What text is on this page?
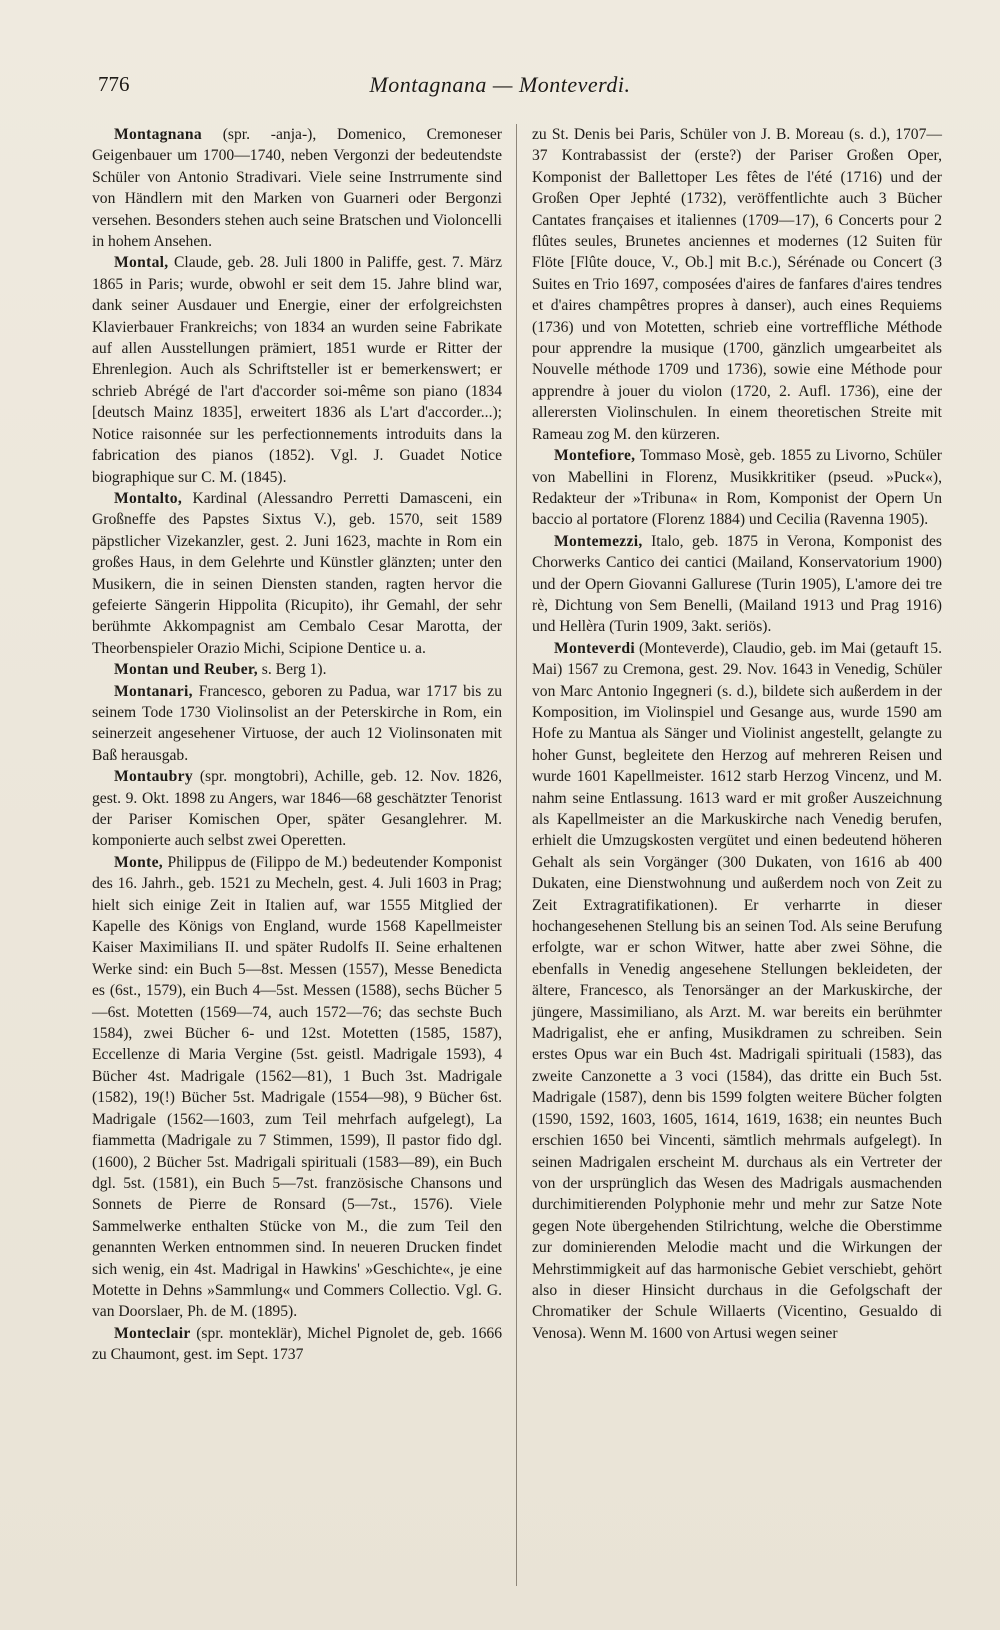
776	Montagnana — Monteverdi.

Montagnana (spr. -anja-), Domenico, Cremoneser Geigenbauer um 1700—1740, neben Vergonzi der bedeutendste Schüler von Antonio Stradivari. Viele seine Instrrumente sind von Händlern mit den Marken von Guarneri oder Bergonzi versehen. Besonders stehen auch seine Bratschen und Violoncelli in hohem Ansehen.

Montal, Claude, geb. 28. Juli 1800 in Paliffe, gest. 7. März 1865 in Paris; wurde, obwohl er seit dem 15. Jahre blind war, dank seiner Ausdauer und Energie, einer der erfolgreichsten Klavierbauer Frankreichs; von 1834 an wurden seine Fabrikate auf allen Ausstellungen prämiert, 1851 wurde er Ritter der Ehrenlegion. Auch als Schriftsteller ist er bemerkenswert; er schrieb Abrégé de l'art d'accorder soi-même son piano (1834 [deutsch Mainz 1835], erweitert 1836 als L'art d'accorder...); Notice raisonnée sur les perfectionnements introduits dans la fabrication des pianos (1852). Vgl. J. Guadet Notice biographique sur C. M. (1845).

Montalto, Kardinal (Alessandro Perretti Damasceni, ein Großneffe des Papstes Sixtus V.), geb. 1570, seit 1589 päpstlicher Vizekanzler, gest. 2. Juni 1623, machte in Rom ein großes Haus, in dem Gelehrte und Künstler glänzten; unter den Musikern, die in seinen Diensten standen, ragten hervor die gefeierte Sängerin Hippolita (Ricupito), ihr Gemahl, der sehr berühmte Akkompagnist am Cembalo Cesar Marotta, der Theorbenspieler Orazio Michi, Scipione Dentice u. a.

Montan und Reuber, s. Berg 1).

Montanari, Francesco, geboren zu Padua, war 1717 bis zu seinem Tode 1730 Violinsolist an der Peterskirche in Rom, ein seinerzeit angesehener Virtuose, der auch 12 Violinsonaten mit Baß herausgab.

Montaubry (spr. mongtobri), Achille, geb. 12. Nov. 1826, gest. 9. Okt. 1898 zu Angers, war 1846—68 geschätzter Tenorist der Pariser Komischen Oper, später Gesanglehrer. M. komponierte auch selbst zwei Operetten.

Monte, Philippus de (Filippo de M.) bedeutender Komponist des 16. Jahrh., geb. 1521 zu Mecheln, gest. 4. Juli 1603 in Prag; hielt sich einige Zeit in Italien auf, war 1555 Mitglied der Kapelle des Königs von England, wurde 1568 Kapellmeister Kaiser Maximilians II. und später Rudolfs II. Seine erhaltenen Werke sind: ein Buch 5—8st. Messen (1557), Messe Benedicta es (6st., 1579), ein Buch 4—5st. Messen (1588), sechs Bücher 5—6st. Motetten (1569—74, auch 1572—76; das sechste Buch 1584), zwei Bücher 6- und 12st. Motetten (1585, 1587), Eccellenze di Maria Vergine (5st. geistl. Madrigale 1593), 4 Bücher 4st. Madrigale (1562—81), 1 Buch 3st. Madrigale (1582), 19(!) Bücher 5st. Madrigale (1554—98), 9 Bücher 6st. Madrigale (1562—1603, zum Teil mehrfach aufgelegt), La fiammetta (Madrigale zu 7 Stimmen, 1599), Il pastor fido dgl. (1600), 2 Bücher 5st. Madrigali spirituali (1583—89), ein Buch dgl. 5st. (1581), ein Buch 5—7st. französische Chansons und Sonnets de Pierre de Ronsard (5—7st., 1576). Viele Sammelwerke enthalten Stücke von M., die zum Teil den genannten Werken entnommen sind. In neueren Drucken findet sich wenig, ein 4st. Madrigal in Hawkins' »Geschichte«, je eine Motette in Dehns »Sammlung« und Commers Collectio. Vgl. G. van Doorslaer, Ph. de M. (1895).

Monteclair (spr. monteklär), Michel Pignolet de, geb. 1666 zu Chaumont, gest. im Sept. 1737

zu St. Denis bei Paris, Schüler von J. B. Moreau (s. d.), 1707—37 Kontrabassist der (erste?) der Pariser Großen Oper, Komponist der Ballettoper Les fêtes de l'été (1716) und der Großen Oper Jephté (1732), veröffentlichte auch 3 Bücher Cantates françaises et italiennes (1709—17), 6 Concerts pour 2 flûtes seules, Brunetes anciennes et modernes (12 Suiten für Flöte [Flûte douce, V., Ob.] mit B.c.), Sérénade ou Concert (3 Suites en Trio 1697, composées d'aires de fanfares d'aires tendres et d'aires champêtres propres à danser), auch eines Requiems (1736) und von Motetten, schrieb eine vortreffliche Méthode pour apprendre la musique (1700, gänzlich umgearbeitet als Nouvelle méthode 1709 und 1736), sowie eine Méthode pour apprendre à jouer du violon (1720, 2. Aufl. 1736), eine der allerersten Violinschulen. In einem theoretischen Streite mit Rameau zog M. den kürzeren.

Montefiore, Tommaso Mosè, geb. 1855 zu Livorno, Schüler von Mabellini in Florenz, Musikkritiker (pseud. »Puck«), Redakteur der »Tribuna« in Rom, Komponist der Opern Un baccio al portatore (Florenz 1884) und Cecilia (Ravenna 1905).

Montemezzi, Italo, geb. 1875 in Verona, Komponist des Chorwerks Cantico dei cantici (Mailand, Konservatorium 1900) und der Opern Giovanni Gallurese (Turin 1905), L'amore dei tre rè, Dichtung von Sem Benelli, (Mailand 1913 und Prag 1916) und Hellèra (Turin 1909, 3akt. seriös).

Monteverdi (Monteverde), Claudio, geb. im Mai (getauft 15. Mai) 1567 zu Cremona, gest. 29. Nov. 1643 in Venedig, Schüler von Marc Antonio Ingegneri (s. d.), bildete sich außerdem in der Komposition, im Violinspiel und Gesange aus, wurde 1590 am Hofe zu Mantua als Sänger und Violinist angestellt, gelangte zu hoher Gunst, begleitete den Herzog auf mehreren Reisen und wurde 1601 Kapellmeister. 1612 starb Herzog Vincenz, und M. nahm seine Entlassung. 1613 ward er mit großer Auszeichnung als Kapellmeister an die Markuskirche nach Venedig berufen, erhielt die Umzugskosten vergütet und einen bedeutend höheren Gehalt als sein Vorgänger (300 Dukaten, von 1616 ab 400 Dukaten, eine Dienstwohnung und außerdem noch von Zeit zu Zeit Extragratifikationen). Er verharrte in dieser hochangesehenen Stellung bis an seinen Tod. Als seine Berufung erfolgte, war er schon Witwer, hatte aber zwei Söhne, die ebenfalls in Venedig angesehene Stellungen bekleideten, der ältere, Francesco, als Tenorsänger an der Markuskirche, der jüngere, Massimiliano, als Arzt. M. war bereits ein berühmter Madrigalist, ehe er anfing, Musikdramen zu schreiben. Sein erstes Opus war ein Buch 4st. Madrigali spirituali (1583), das zweite Canzonette a 3 voci (1584), das dritte ein Buch 5st. Madrigale (1587), denn bis 1599 folgten weitere Bücher folgten (1590, 1592, 1603, 1605, 1614, 1619, 1638; ein neuntes Buch erschien 1650 bei Vincenti, sämtlich mehrmals aufgelegt). In seinen Madrigalen erscheint M. durchaus als ein Vertreter der von der ursprünglich das Wesen des Madrigals ausmachenden durchimitierenden Polyphonie mehr und mehr zur Satze Note gegen Note übergehenden Stilrichtung, welche die Oberstimme zur dominierenden Melodie macht und die Wirkungen der Mehrstimmigkeit auf das harmonische Gebiet verschiebt, gehört also in dieser Hinsicht durchaus in die Gefolgschaft der Chromatiker der Schule Willaerts (Vicentino, Gesualdo di Venosa). Wenn M. 1600 von Artusi wegen seiner
